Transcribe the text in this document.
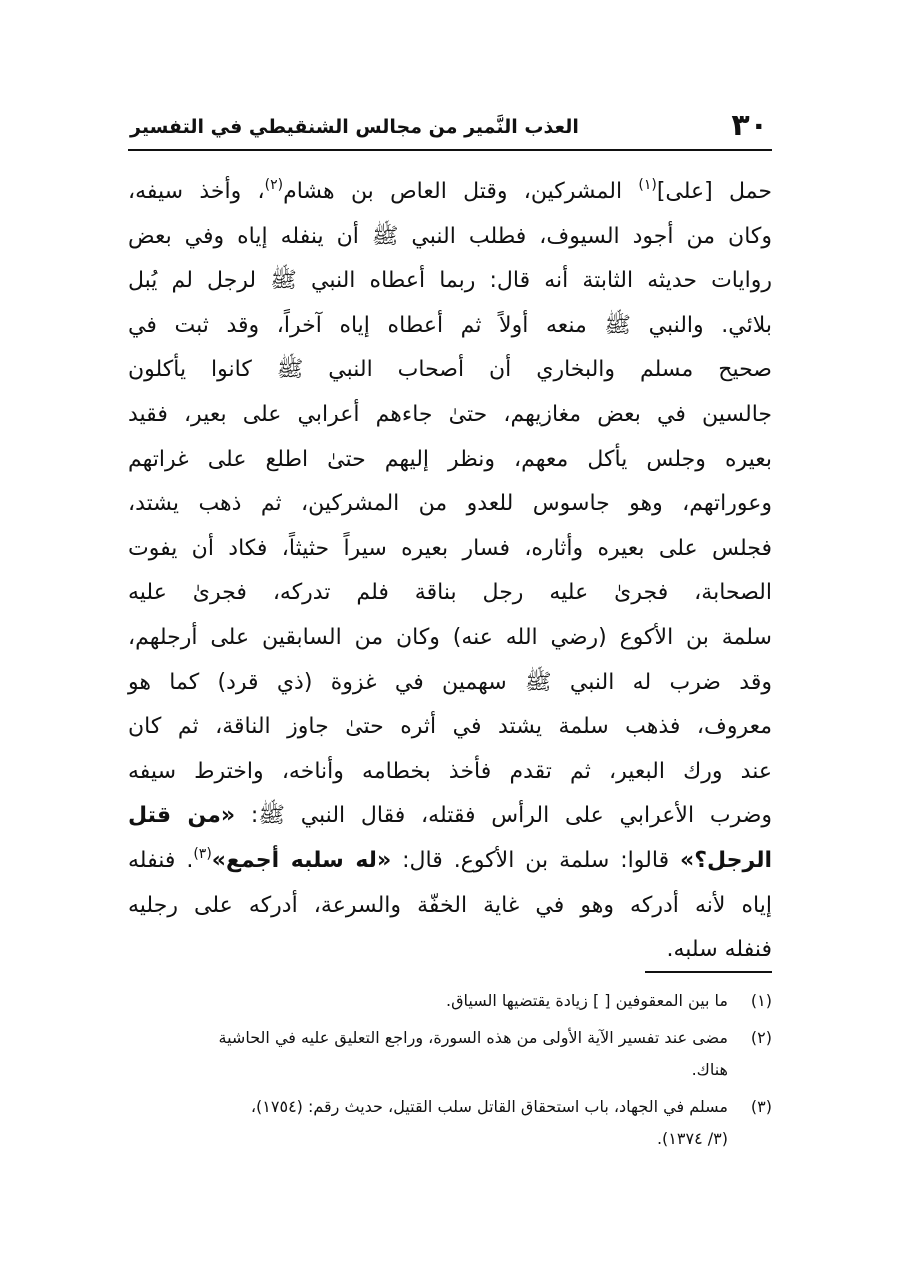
٣٠
العذب النَّمير من مجالس الشنقيطي في التفسير
حمل [على]$^{(١)}$ المشركين، وقتل العاص بن هشام$^{(٢)}$، وأخذ سيفه،
وكان من أجود السيوف، فطلب النبي ﷺ أن ينفله إياه وفي بعض
روايات حديثه الثابتة أنه قال: ربما أعطاه النبي ﷺ لرجل لم يُبل
بلائي. والنبي ﷺ منعه أولاً ثم أعطاه إياه آخراً، وقد ثبت في
صحيح مسلم والبخاري أن أصحاب النبي ﷺ كانوا يأكلون
جالسين في بعض مغازيهم، حتىٰ جاءهم أعرابي على بعير، فقيد
بعيره وجلس يأكل معهم، ونظر إليهم حتىٰ اطلع على غراتهم
وعوراتهم، وهو جاسوس للعدو من المشركين، ثم ذهب يشتد،
فجلس على بعيره وأثاره، فسار بعيره سيراً حثيثاً، فكاد أن يفوت
الصحابة، فجرىٰ عليه رجل بناقة فلم تدركه، فجرىٰ عليه
سلمة بن الأكوع (رضي الله عنه) وكان من السابقين على أرجلهم،
وقد ضرب له النبي ﷺ سهمين في غزوة (ذي قرد) كما هو
معروف، فذهب سلمة يشتد في أثره حتىٰ جاوز الناقة، ثم كان
عند ورك البعير، ثم تقدم فأخذ بخطامه وأناخه، واخترط سيفه
وضرب الأعرابي على الرأس فقتله، فقال النبي ﷺ: «من قتل
الرجل؟» قالوا: سلمة بن الأكوع. قال: «له سلبه أجمع»$^{(٣)}$. فنفله
إياه لأنه أدركه وهو في غاية الخفّة والسرعة، أدركه على رجليه
فنفله سلبه.
(١)
ما بين المعقوفين [ ] زيادة يقتضيها السياق.
(٢)
مضى عند تفسير الآية الأولى من هذه السورة، وراجع التعليق عليه في الحاشية
هناك.
(٣)
مسلم في الجهاد، باب استحقاق القاتل سلب القتيل، حديث رقم: (١٧٥٤)،
(٣/ ١٣٧٤).
